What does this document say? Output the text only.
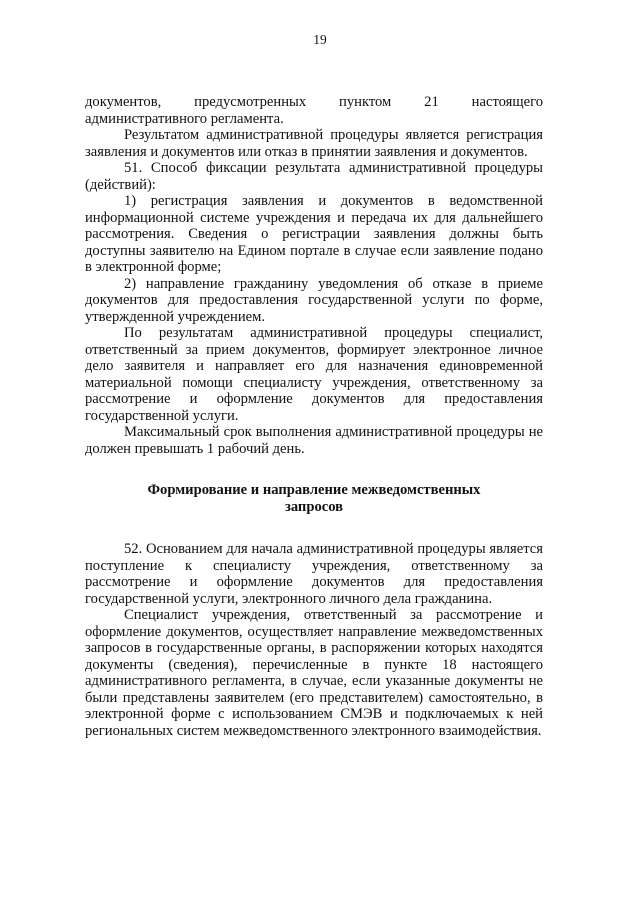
19

документов, предусмотренных пунктом 21 настоящего административного регламента.

Результатом административной процедуры является регистрация заявления и документов или отказ в принятии заявления и документов.

51. Способ фиксации результата административной процедуры (действий):

1) регистрация заявления и документов в ведомственной информационной системе учреждения и передача их для дальнейшего рассмотрения. Сведения о регистрации заявления должны быть доступны заявителю на Едином портале в случае если заявление подано в электронной форме;

2) направление гражданину уведомления об отказе в приеме документов для предоставления государственной услуги по форме, утвержденной учреждением.

По результатам административной процедуры специалист, ответственный за прием документов, формирует электронное личное дело заявителя и направляет его для назначения единовременной материальной помощи специалисту учреждения, ответственному за рассмотрение и оформление документов для предоставления государственной услуги.

Максимальный срок выполнения административной процедуры не должен превышать 1 рабочий день.

Формирование и направление межведомственных
запросов

52. Основанием для начала административной процедуры является поступление к специалисту учреждения, ответственному за рассмотрение и оформление документов для предоставления государственной услуги, электронного личного дела гражданина.

Специалист учреждения, ответственный за рассмотрение и оформление документов, осуществляет направление межведомственных запросов в государственные органы, в распоряжении которых находятся документы (сведения), перечисленные в пункте 18 настоящего административного регламента, в случае, если указанные документы не были представлены заявителем (его представителем) самостоятельно, в электронной форме с использованием СМЭВ и подключаемых к ней региональных систем межведомственного электронного взаимодействия.
